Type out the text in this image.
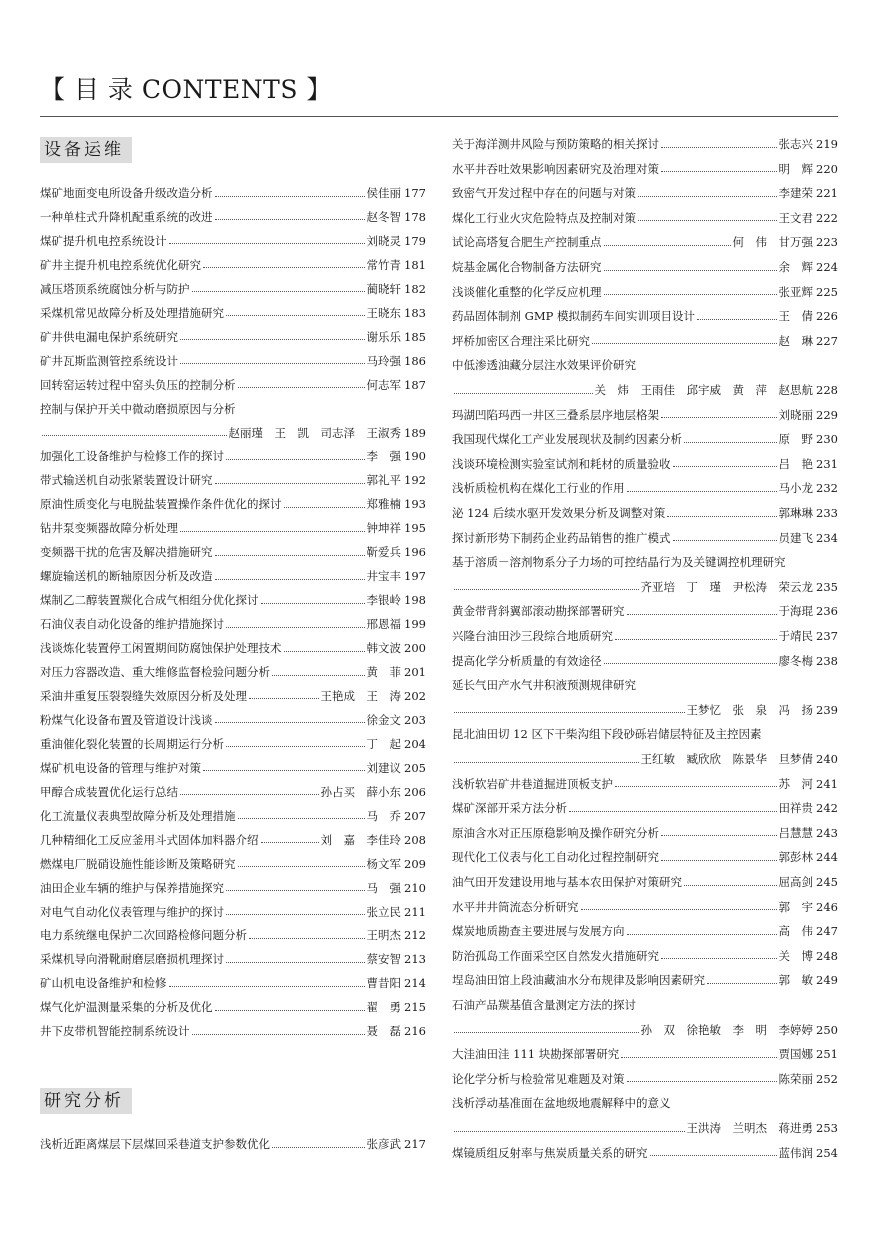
【 目 录 CONTENTS 】
设备运维
研究分析
煤矿地面变电所设备升级改造分析	侯佳丽 177
一种单柱式升降机配重系统的改进	赵冬智 178
煤矿提升机电控系统设计	刘晓灵 179
矿井主提升机电控系统优化研究	常竹青 181
减压塔顶系统腐蚀分析与防护	蔺晓轩 182
采煤机常见故障分析及处理措施研究	王晓东 183
矿井供电漏电保护系统研究	谢乐乐 185
矿井瓦斯监测管控系统设计	马玲强 186
回转窑运转过程中窑头负压的控制分析	何志军 187
控制与保护开关中微动磨损原因与分析
赵丽瑾　王　凯　司志泽　王淑秀 189
加强化工设备维护与检修工作的探讨	李　强 190
带式输送机自动张紧装置设计研究	郭礼平 192
原油性质变化与电脱盐装置操作条件优化的探讨	郑雅楠 193
钻井泵变频器故障分析处理	钟坤祥 195
变频器干扰的危害及解决措施研究	靳爱兵 196
螺旋输送机的断轴原因分析及改造	井宝丰 197
煤制乙二醇装置羰化合成气相组分优化探讨	李银岭 198
石油仪表自动化设备的维护措施探讨	邢恩福 199
浅谈炼化装置停工闲置期间防腐蚀保护处理技术	韩文波 200
对压力容器改造、重大维修监督检验问题分析	黄　菲 201
采油井重复压裂裂缝失效原因分析及处理	王艳成　王　涛 202
粉煤气化设备布置及管道设计浅谈	徐金文 203
重油催化裂化装置的长周期运行分析	丁　起 204
煤矿机电设备的管理与维护对策	刘建议 205
甲醇合成装置优化运行总结	孙占买　薛小东 206
化工流量仪表典型故障分析及处理措施	马　乔 207
几种精细化工反应釜用斗式固体加料器介绍	刘　嘉　李佳玲 208
燃煤电厂脱硝设施性能诊断及策略研究	杨文军 209
油田企业车辆的维护与保养措施探究	马　强 210
对电气自动化仪表管理与维护的探讨	张立民 211
电力系统继电保护二次回路检修问题分析	王明杰 212
采煤机导向滑靴耐磨层磨损机理探讨	蔡安智 213
矿山机电设备维护和检修	曹昔阳 214
煤气化炉温测量采集的分析及优化	翟　勇 215
井下皮带机智能控制系统设计	聂　磊 216
浅析近距离煤层下层煤回采巷道支护参数优化	张彦武 217
关于海洋测井风险与预防策略的相关探讨	张志兴 219
水平井吞吐效果影响因素研究及治理对策	明　辉 220
致密气开发过程中存在的问题与对策	李建荣 221
煤化工行业火灾危险特点及控制对策	王文君 222
试论高塔复合肥生产控制重点	何　伟　甘万强 223
烷基金属化合物制备方法研究	余　辉 224
浅谈催化重整的化学反应机理	张亚辉 225
药品固体制剂 GMP 模拟制药车间实训项目设计	王　倩 226
坪桥加密区合理注采比研究	赵　琳 227
中低渗透油藏分层注水效果评价研究
关　炜　王雨佳　邱宇威　黄　萍　赵思航 228
玛湖凹陷玛西一井区三叠系层序地层格架	刘晓丽 229
我国现代煤化工产业发展现状及制约因素分析	原　野 230
浅谈环境检测实验室试剂和耗材的质量验收	吕　艳 231
浅析质检机构在煤化工行业的作用	马小龙 232
泌 124 后续水驱开发效果分析及调整对策	郭琳琳 233
探讨新形势下制药企业药品销售的推广模式	员建飞 234
基于溶质－溶剂物系分子力场的可控结晶行为及关键调控机理研究
齐亚培　丁　瑾　尹松涛　荣云龙 235
黄金带背斜翼部滚动勘探部署研究	于海琨 236
兴隆台油田沙三段综合地质研究	于靖民 237
提高化学分析质量的有效途径	廖冬梅 238
延长气田产水气井积液预测规律研究
王梦忆　张　泉　冯　扬 239
昆北油田切 12 区下干柴沟组下段砂砾岩储层特征及主控因素
王红敏　臧欣欣　陈景华　旦梦倩 240
浅析软岩矿井巷道掘进顶板支护	苏　河 241
煤矿深部开采方法分析	田祥贵 242
原油含水对正压原稳影响及操作研究分析	吕慧慧 243
现代化工仪表与化工自动化过程控制研究	郭彭林 244
油气田开发建设用地与基本农田保护对策研究	屈高剑 245
水平井井筒流态分析研究	郭　宇 246
煤炭地质勘查主要进展与发展方向	高　伟 247
防治孤岛工作面采空区自然发火措施研究	关　博 248
埕岛油田馆上段油藏油水分布规律及影响因素研究	郭　敏 249
石油产品羰基值含量测定方法的探讨
孙　双　徐艳敏　李　明　李婷婷 250
大洼油田洼 111 块勘探部署研究	贾国娜 251
论化学分析与检验常见难题及对策	陈荣丽 252
浅析浮动基准面在盆地级地震解释中的意义
王洪涛　兰明杰　蒋进勇 253
煤镜质组反射率与焦炭质量关系的研究	蓝伟润 254
